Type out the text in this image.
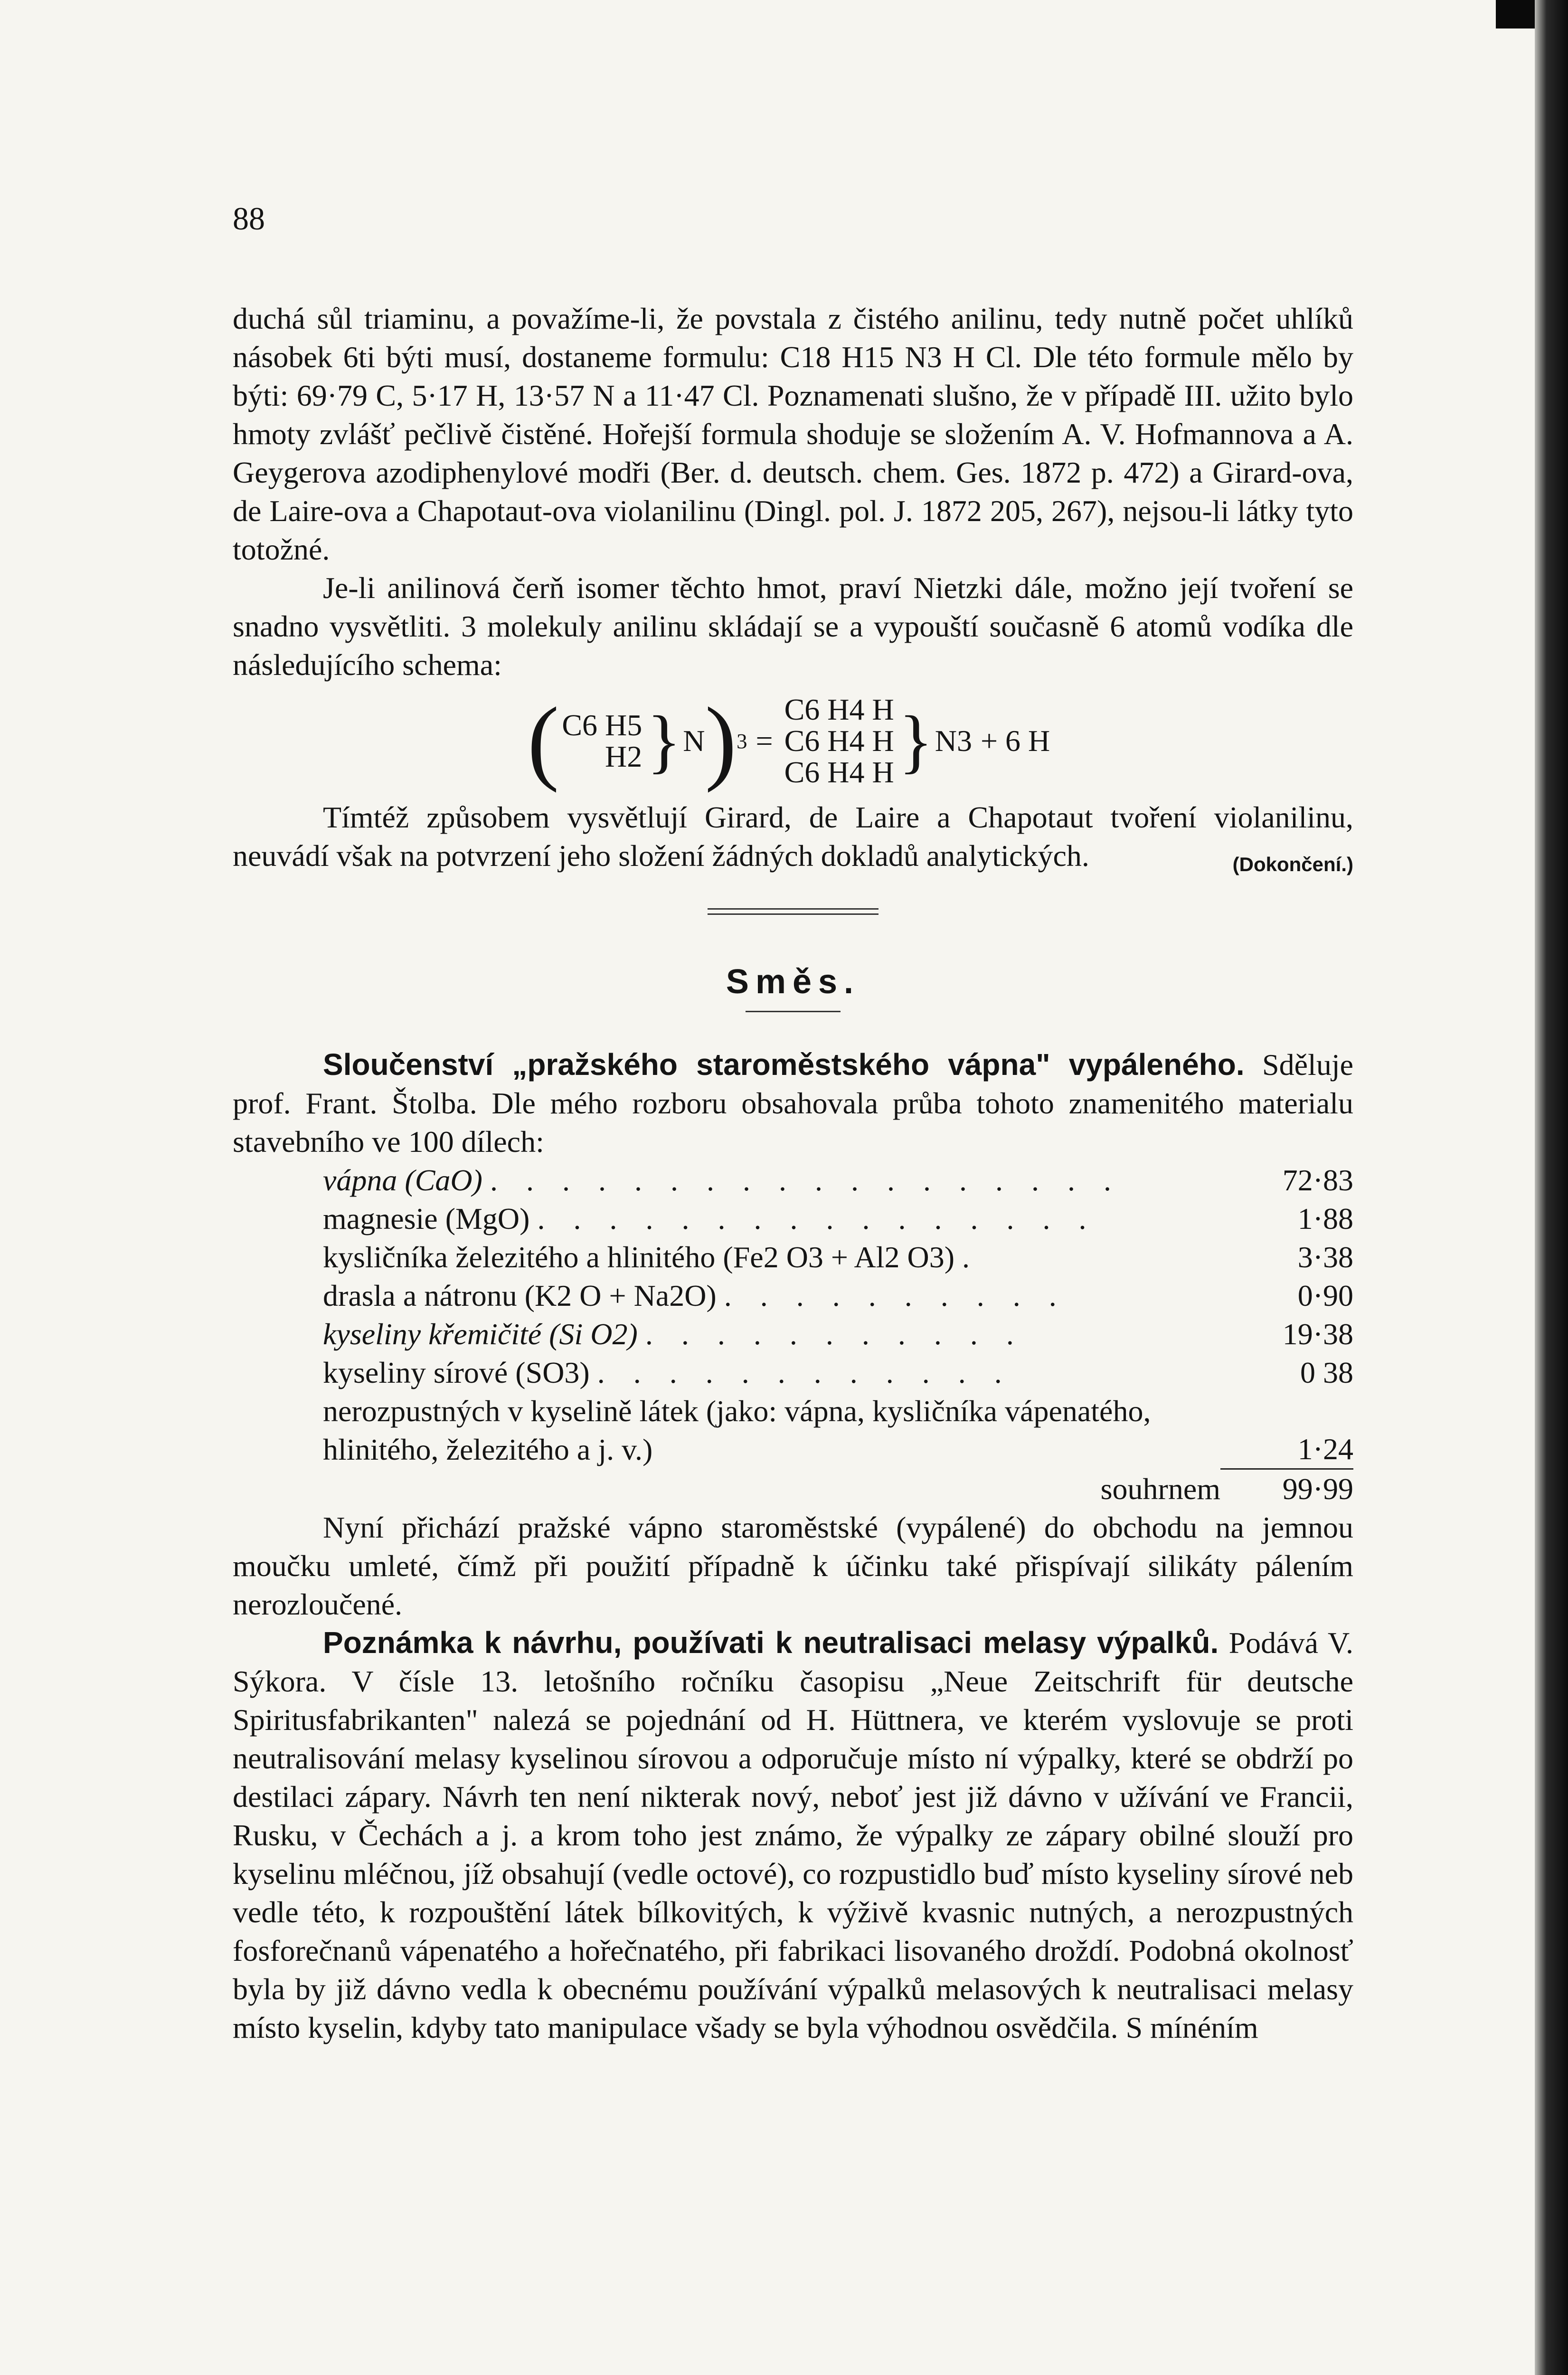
88

duchá sůl triaminu, a považíme-li, že povstala z čistého anilinu, tedy nutně počet uhlíků násobek 6ti býti musí, dostaneme formulu: C18 H15 N3 H Cl. Dle této formule mělo by býti: 69·79 C, 5·17 H, 13·57 N a 11·47 Cl. Poznamenati slušno, že v případě III. užito bylo hmoty zvlášť pečlivě čistěné. Hořejší formula shoduje se složením A. V. Hofmannova a A. Geygerova azodiphenylové modři (Ber. d. deutsch. chem. Ges. 1872 p. 472) a Girard-ova, de Laire-ova a Chapotaut-ova violanilinu (Dingl. pol. J. 1872 205, 267), nejsou-li látky tyto totožné.

Je-li anilinová čerň isomer těchto hmot, praví Nietzki dále, možno její tvoření se snadno vysvětliti. 3 molekuly anilinu skládají se a vypouští současně 6 atomů vodíka dle následujícího schema:

( C6 H5
H2 } N ) 3 =
C6 H4 H
C6 H4 H
C6 H4 H } N3 + 6 H

Tímtéž způsobem vysvětlují Girard, de Laire a Chapotaut tvoření violanilinu, neuvádí však na potvrzení jeho složení žádných dokladů analytických.	(Dokončení.)

Směs.

Sloučenství „pražského staroměstského vápna" vypáleného. Sděluje prof. Frant. Štolba. Dle mého rozboru obsahovala průba tohoto znamenitého materialu stavebního ve 100 dílech:

vápna (CaO) . . . . . . . . . . . . . . . . . .	72·83
magnesie (MgO) . . . . . . . . . . . . . . . .	1·88
kysličníka železitého a hlinitého (Fe2 O3 + Al2 O3) .	3·38
drasla a nátronu (K2 O + Na2O) . . . . . . . . . .	0·90
kyseliny křemičité (Si O2) . . . . . . . . . . .	19·38
kyseliny sírové (SO3) . . . . . . . . . . . .	0 38
nerozpustných v kyselině látek (jako: vápna, kysličníka vápenatého, hlinitého, železitého a j. v.)	1·24
souhrnem	99·99

Nyní přichází pražské vápno staroměstské (vypálené) do obchodu na jemnou moučku umleté, čímž při použití případně k účinku také přispívají silikáty pálením nerozloučené.

Poznámka k návrhu, používati k neutralisaci melasy výpalků. Podává V. Sýkora. V čísle 13. letošního ročníku časopisu „Neue Zeitschrift für deutsche Spiritusfabrikanten" nalezá se pojednání od H. Hüttnera, ve kterém vyslovuje se proti neutralisování melasy kyselinou sírovou a odporučuje místo ní výpalky, které se obdrží po destilaci zápary. Návrh ten není nikterak nový, neboť jest již dávno v užívání ve Francii, Rusku, v Čechách a j. a krom toho jest známo, že výpalky ze zápary obilné slouží pro kyselinu mléčnou, jíž obsahují (vedle octové), co rozpustidlo buď místo kyseliny sírové neb vedle této, k rozpouštění látek bílkovitých, k výživě kvasnic nutných, a nerozpustných fosforečnanů vápenatého a hořečnatého, při fabrikaci lisovaného droždí. Podobná okolnosť byla by již dávno vedla k obecnému používání výpalků melasových k neutralisaci melasy místo kyselin, kdyby tato manipulace všady se byla výhodnou osvědčila. S mínéním
